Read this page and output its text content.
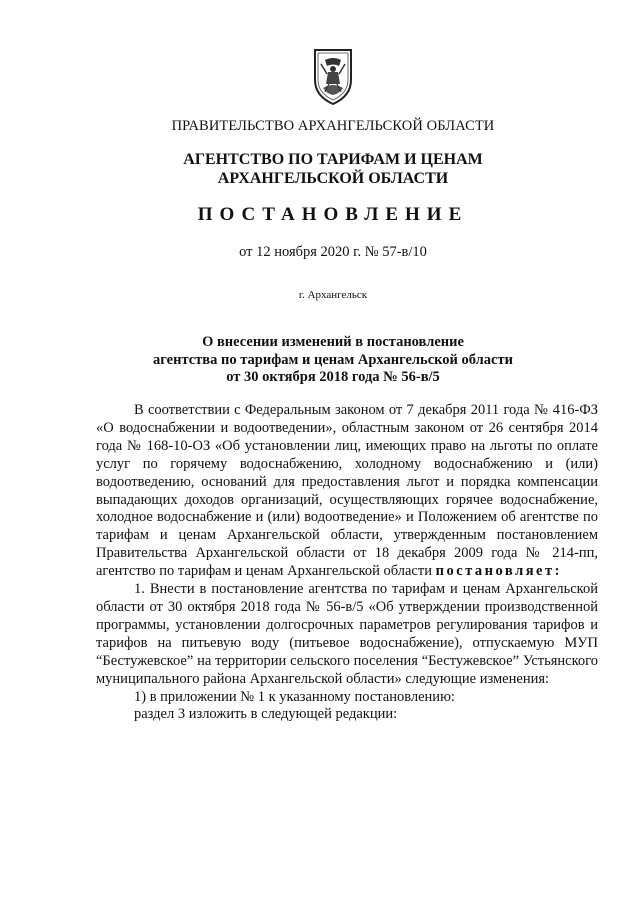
ПРАВИТЕЛЬСТВО АРХАНГЕЛЬСКОЙ ОБЛАСТИ
АГЕНТСТВО ПО ТАРИФАМ И ЦЕНАМ
АРХАНГЕЛЬСКОЙ ОБЛАСТИ
ПОСТАНОВЛЕНИЕ
от 12 ноября 2020 г. № 57-в/10
г. Архангельск
О внесении изменений в постановление
агентства по тарифам и ценам Архангельской области
от 30 октября 2018 года № 56-в/5

В соответствии с Федеральным законом от 7 декабря 2011 года № 416-ФЗ «О водоснабжении и водоотведении», областным законом от 26 сентября 2014 года № 168-10-ОЗ «Об установлении лиц, имеющих право на льготы по оплате услуг по горячему водоснабжению, холодному водоснабжению и (или) водоотведению, оснований для предоставления льгот и порядка компенсации выпадающих доходов организаций, осуществляющих горячее водоснабжение, холодное водоснабжение и (или) водоотведение» и Положением об агентстве по тарифам и ценам Архангельской области, утвержденным постановлением Правительства Архангельской области от 18 декабря 2009 года № 214-пп, агентство по тарифам и ценам Архангельской области постановляет:

1. Внести в постановление агентства по тарифам и ценам Архангельской области от 30 октября 2018 года № 56-в/5 «Об утверждении производственной программы, установлении долгосрочных параметров регулирования тарифов и тарифов на питьевую воду (питьевое водоснабжение), отпускаемую МУП “Бестужевское” на территории сельского поселения “Бестужевское” Устьянского муниципального района Архангельской области» следующие изменения:

1) в приложении № 1 к указанному постановлению:

раздел 3 изложить в следующей редакции:
